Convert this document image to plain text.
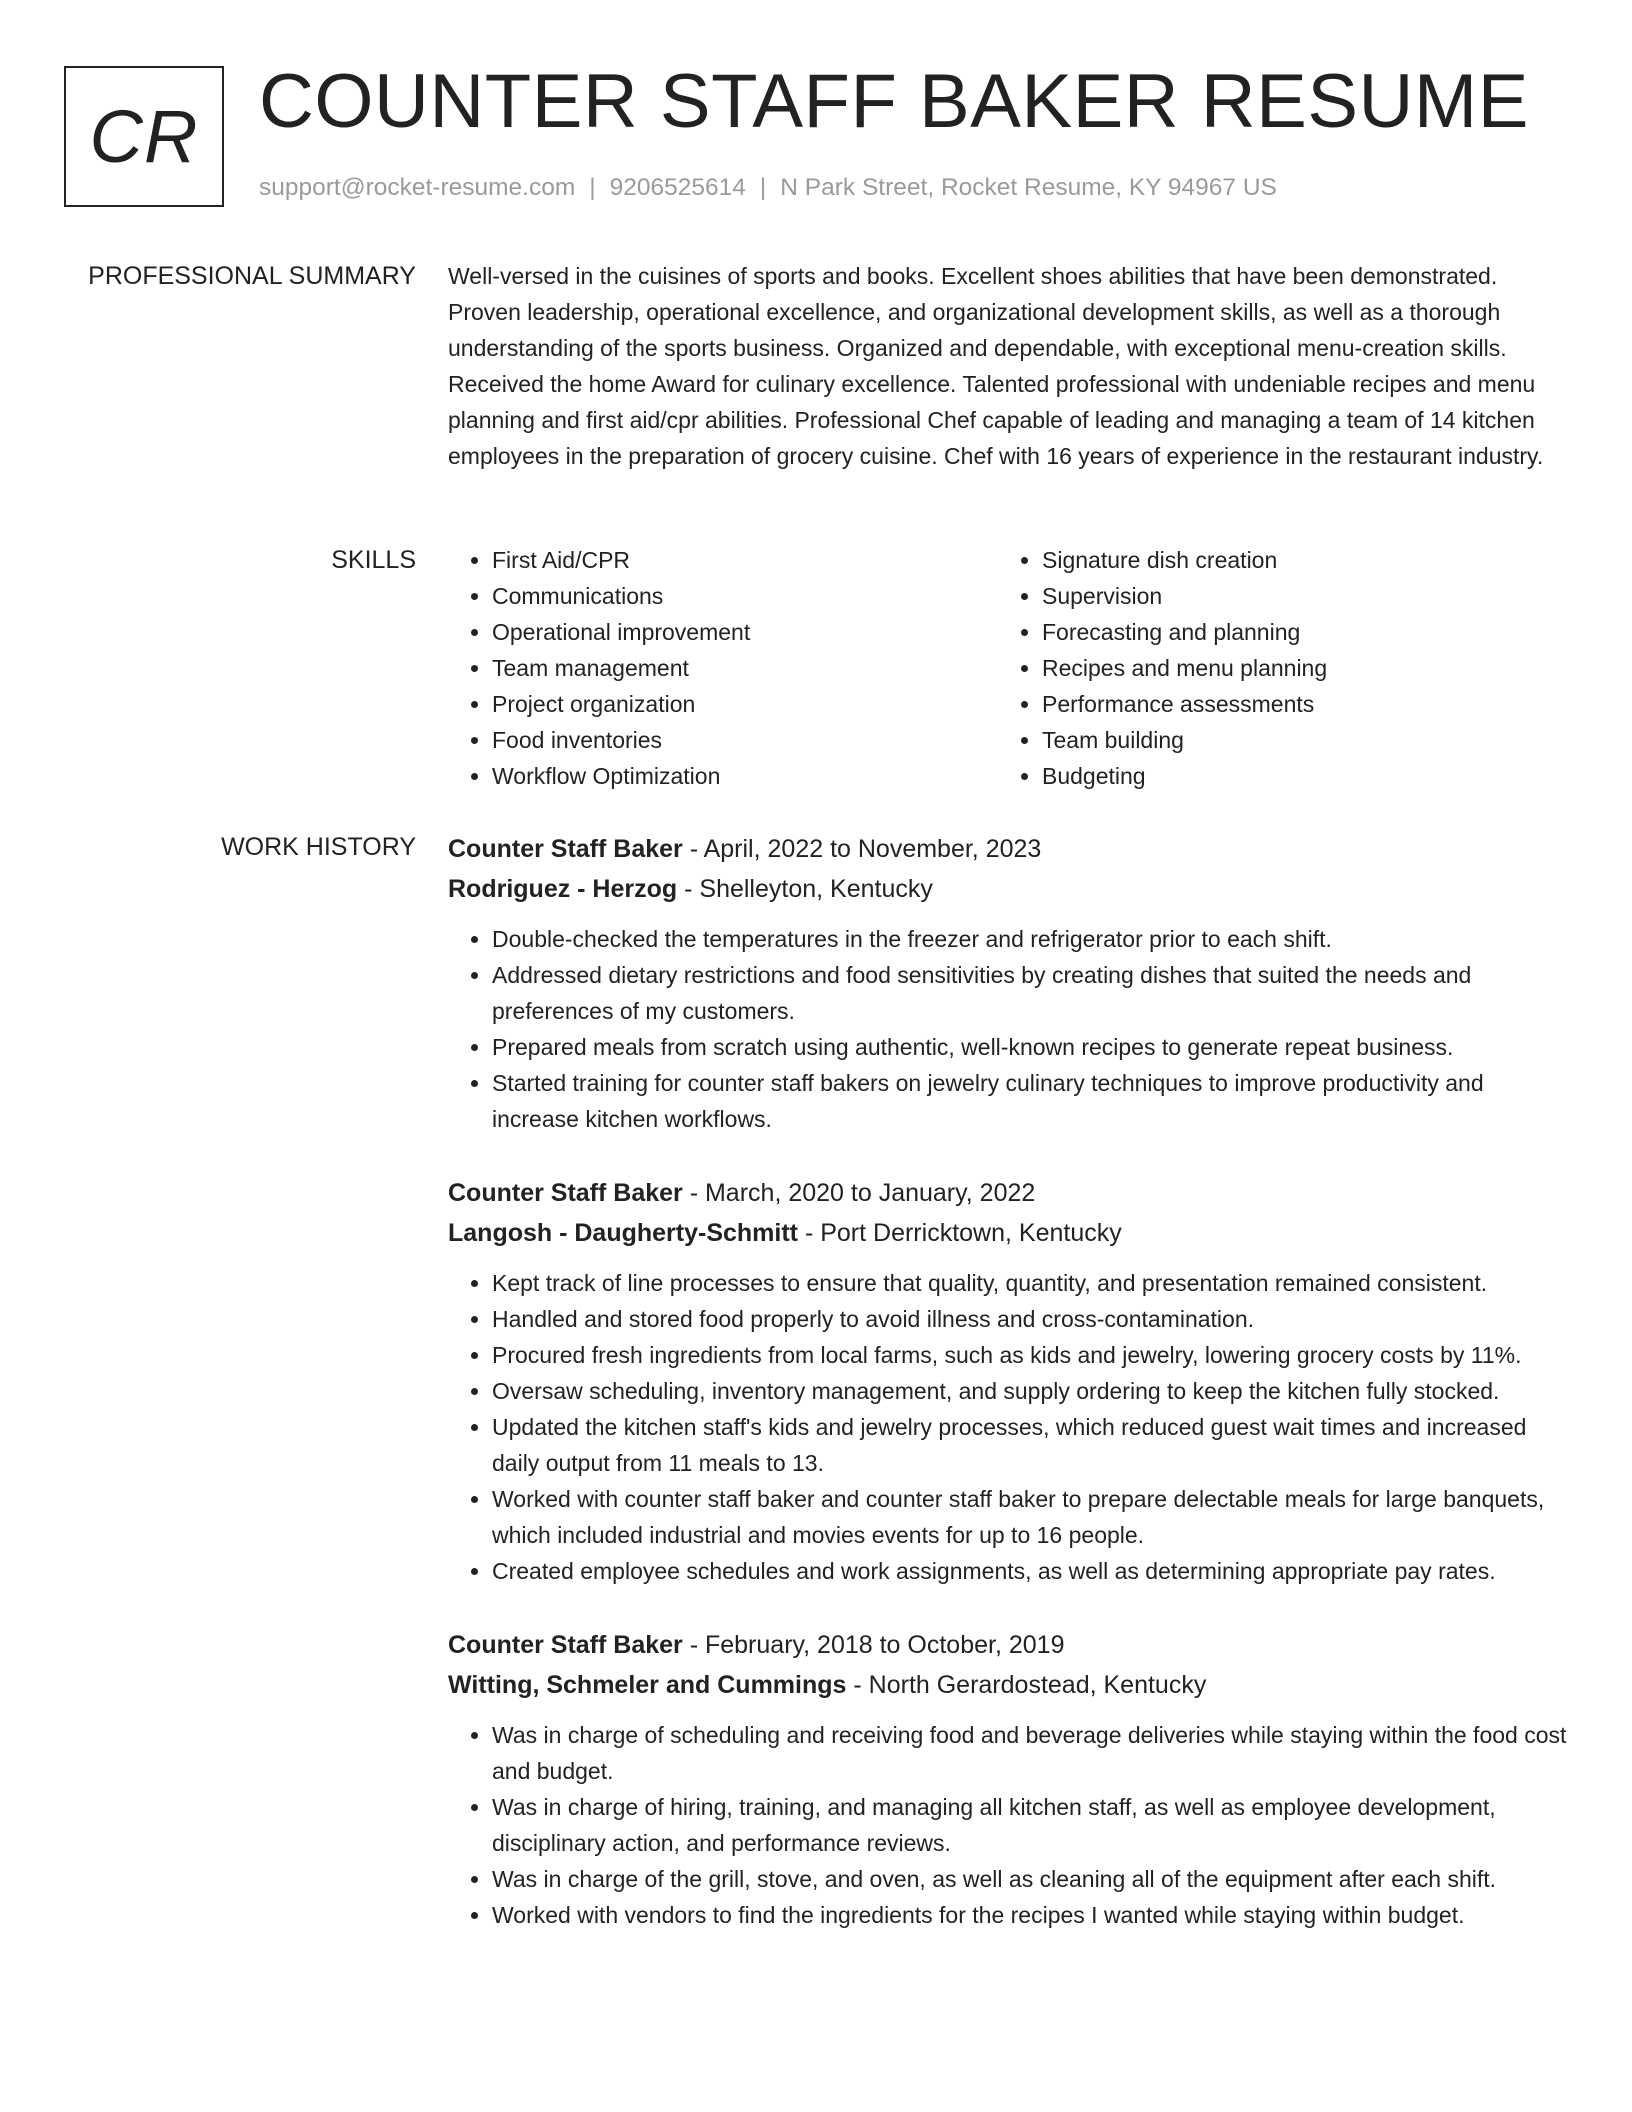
CR COUNTER STAFF BAKER RESUME
support@rocket-resume.com | 9206525614 | N Park Street, Rocket Resume, KY 94967 US
PROFESSIONAL SUMMARY Well-versed in the cuisines of sports and books. Excellent shoes abilities that have been demonstrated. Proven leadership, operational excellence, and organizational development skills, as well as a thorough understanding of the sports business. Organized and dependable, with exceptional menu-creation skills. Received the home Award for culinary excellence. Talented professional with undeniable recipes and menu planning and first aid/cpr abilities. Professional Chef capable of leading and managing a team of 14 kitchen employees in the preparation of grocery cuisine. Chef with 16 years of experience in the restaurant industry.

SKILLS
•	First Aid/CPR
• Communications
• Operational improvement
• Team management
• Project organization
• Food inventories
• Workflow Optimization
• Signature dish creation
• Supervision
• Forecasting and planning
• Recipes and menu planning
• Performance assessments
• Team building
• Budgeting
WORK HISTORY Counter Staff Baker - April, 2022 to November, 2023
Rodriguez - Herzog - Shelleyton, Kentucky
• Double-checked the temperatures in the freezer and refrigerator prior to each shift.
• Addressed dietary restrictions and food sensitivities by creating dishes that suited the needs and preferences of my customers.
• Prepared meals from scratch using authentic, well-known recipes to generate repeat business.
• Started training for counter staff bakers on jewelry culinary techniques to improve productivity and increase kitchen workflows.
Counter Staff Baker - March, 2020 to January, 2022
Langosh - Daugherty-Schmitt - Port Derricktown, Kentucky
• Kept track of line processes to ensure that quality, quantity, and presentation remained consistent.
• Handled and stored food properly to avoid illness and cross-contamination.
• Procured fresh ingredients from local farms, such as kids and jewelry, lowering grocery costs by 11%.
• Oversaw scheduling, inventory management, and supply ordering to keep the kitchen fully stocked.
• Updated the kitchen staff's kids and jewelry processes, which reduced guest wait times and increased daily output from 11 meals to 13.
• Worked with counter staff baker and counter staff baker to prepare delectable meals for large banquets, which included industrial and movies events for up to 16 people.
• Created employee schedules and work assignments, as well as determining appropriate pay rates.
Counter Staff Baker - February, 2018 to October, 2019
Witting, Schmeler and Cummings - North Gerardostead, Kentucky
• Was in charge of scheduling and receiving food and beverage deliveries while staying within the food cost and budget.
• Was in charge of hiring, training, and managing all kitchen staff, as well as employee development, disciplinary action, and performance reviews.
• Was in charge of the grill, stove, and oven, as well as cleaning all of the equipment after each shift.
• Worked with vendors to find the ingredients for the recipes I wanted while staying within budget.
